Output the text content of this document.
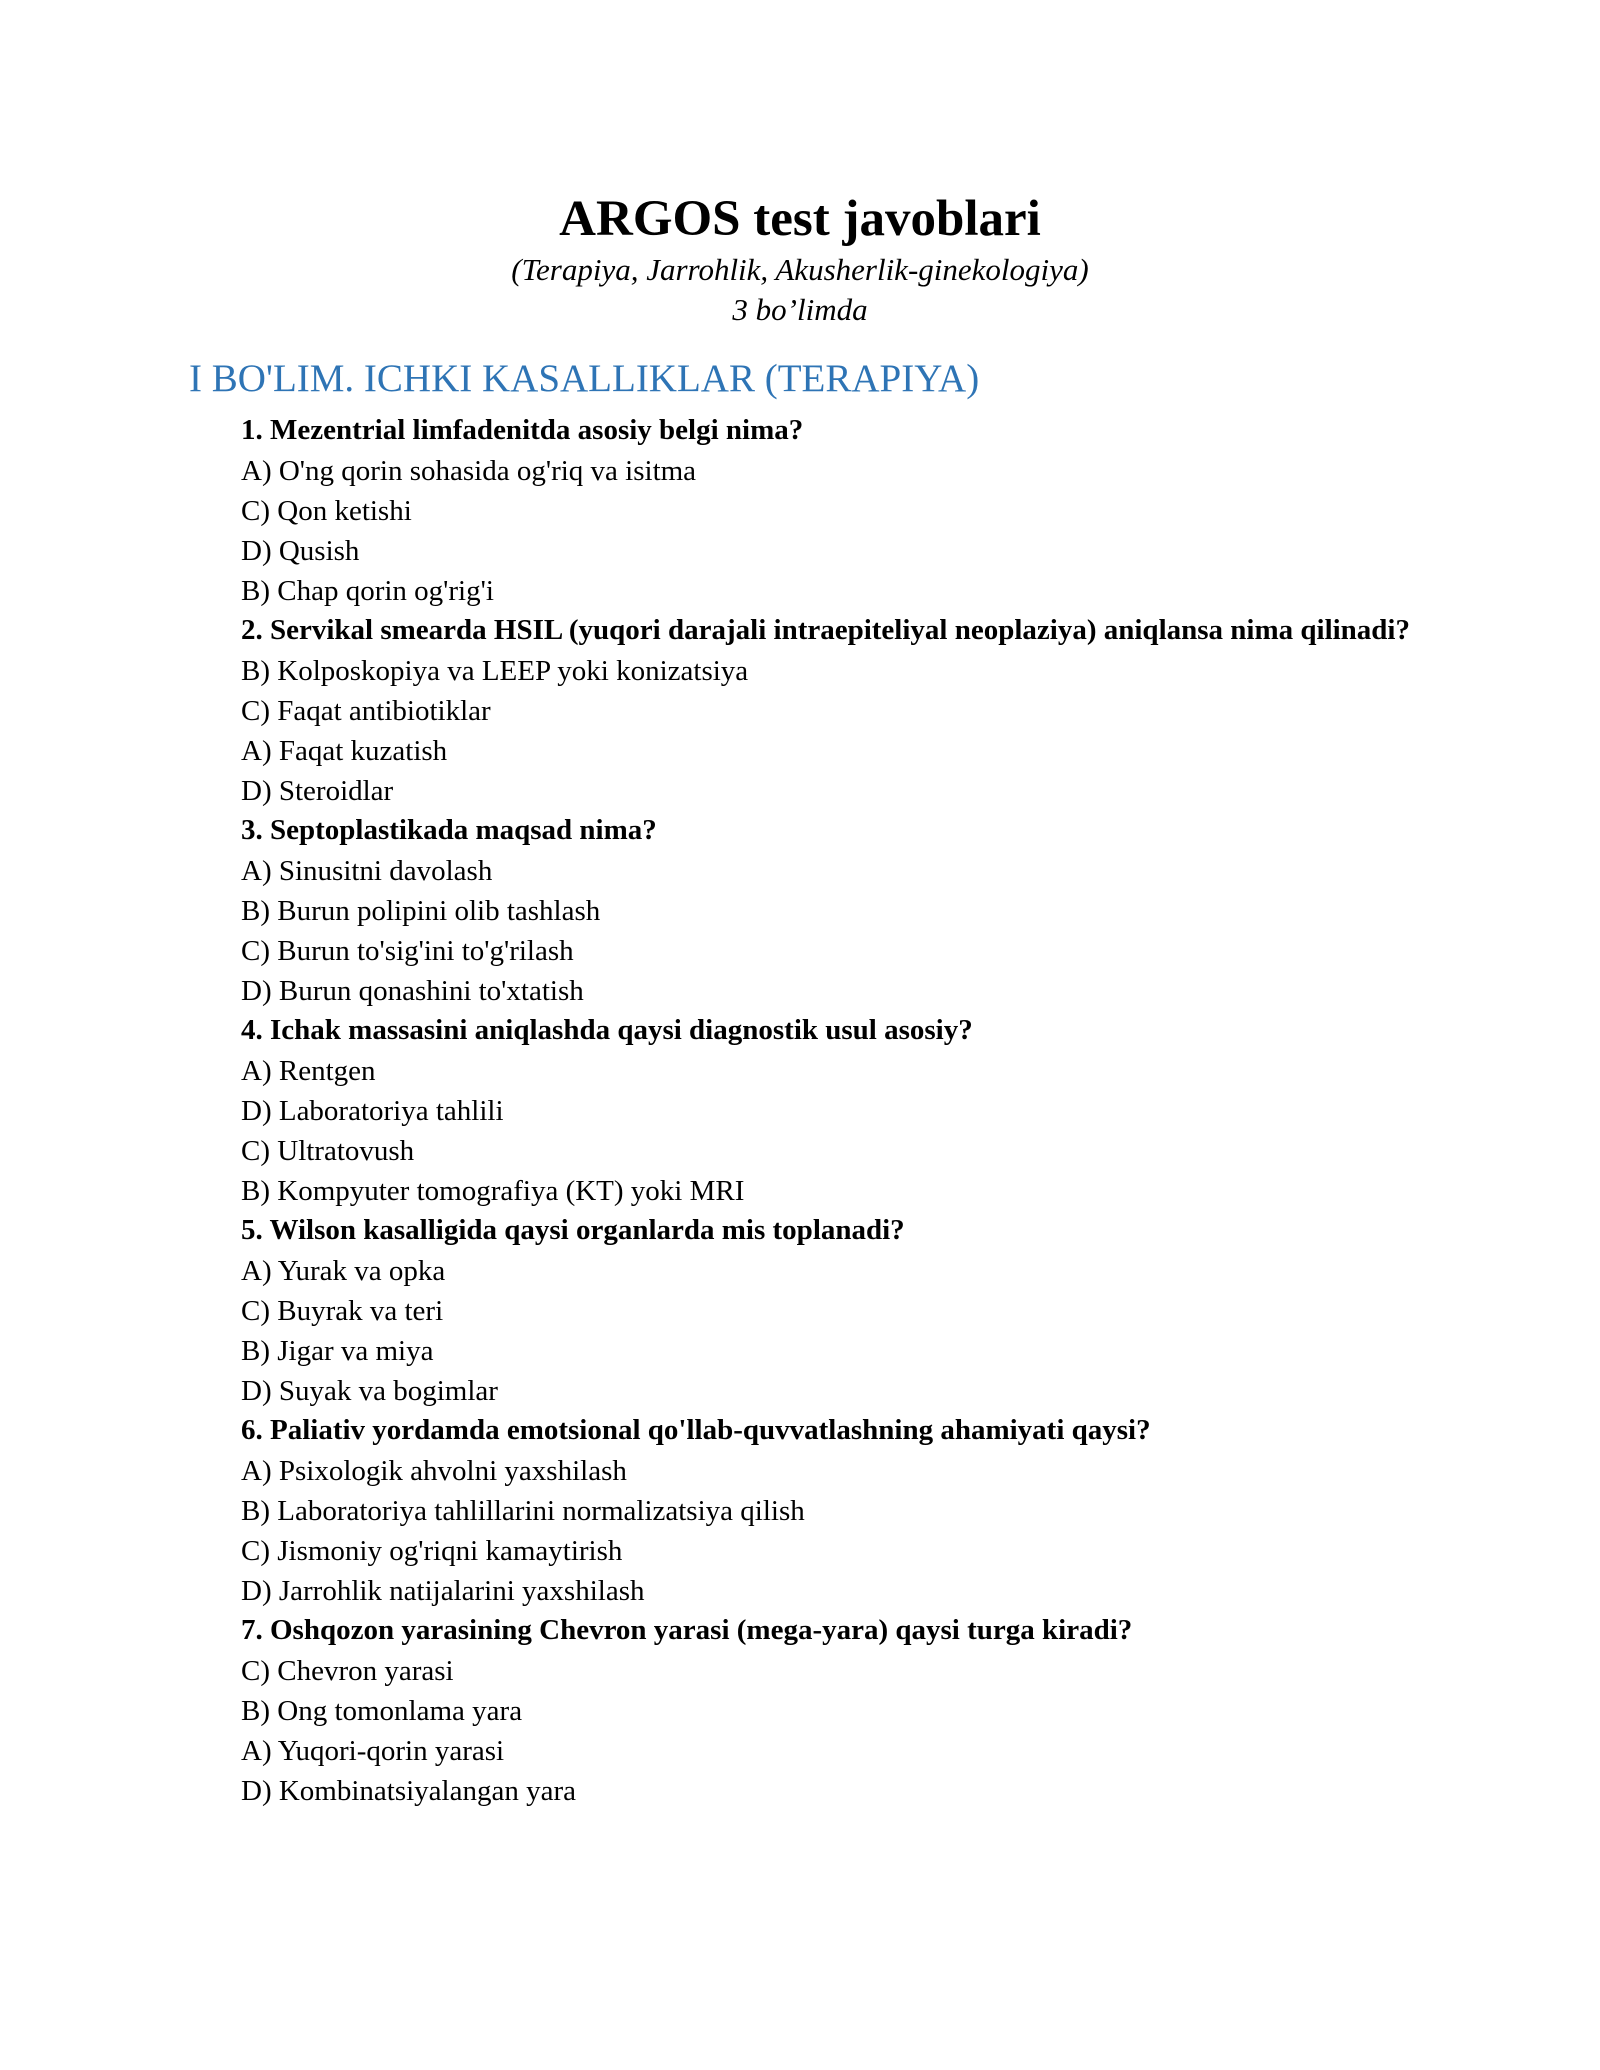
ARGOS test javoblari

(Terapiya, Jarrohlik, Akusherlik-ginekologiya)

3 bo’limda

I BO'LIM. ICHKI KASALLIKLAR (TERAPIYA)

1. Mezentrial limfadenitda asosiy belgi nima?

A) O'ng qorin sohasida og'riq va isitma

C) Qon ketishi

D) Qusish

B) Chap qorin og'rig'i

2. Servikal smearda HSIL (yuqori darajali intraepiteliyal neoplaziya) aniqlansa nima qilinadi?

B) Kolposkopiya va LEEP yoki konizatsiya

C) Faqat antibiotiklar

A) Faqat kuzatish

D) Steroidlar

3. Septoplastikada maqsad nima?

A) Sinusitni davolash

B) Burun polipini olib tashlash

C) Burun to'sig'ini to'g'rilash

D) Burun qonashini to'xtatish

4. Ichak massasini aniqlashda qaysi diagnostik usul asosiy?

A) Rentgen

D) Laboratoriya tahlili

C) Ultratovush

B) Kompyuter tomografiya (KT) yoki MRI

5. Wilson kasalligida qaysi organlarda mis toplanadi?

A) Yurak va opka

C) Buyrak va teri

B) Jigar va miya

D) Suyak va bogimlar

6. Paliativ yordamda emotsional qo'llab-quvvatlashning ahamiyati qaysi?

A) Psixologik ahvolni yaxshilash

B) Laboratoriya tahlillarini normalizatsiya qilish

C) Jismoniy og'riqni kamaytirish

D) Jarrohlik natijalarini yaxshilash

7. Oshqozon yarasining Chevron yarasi (mega-yara) qaysi turga kiradi?

C) Chevron yarasi

B) Ong tomonlama yara

A) Yuqori-qorin yarasi

D) Kombinatsiyalangan yara
